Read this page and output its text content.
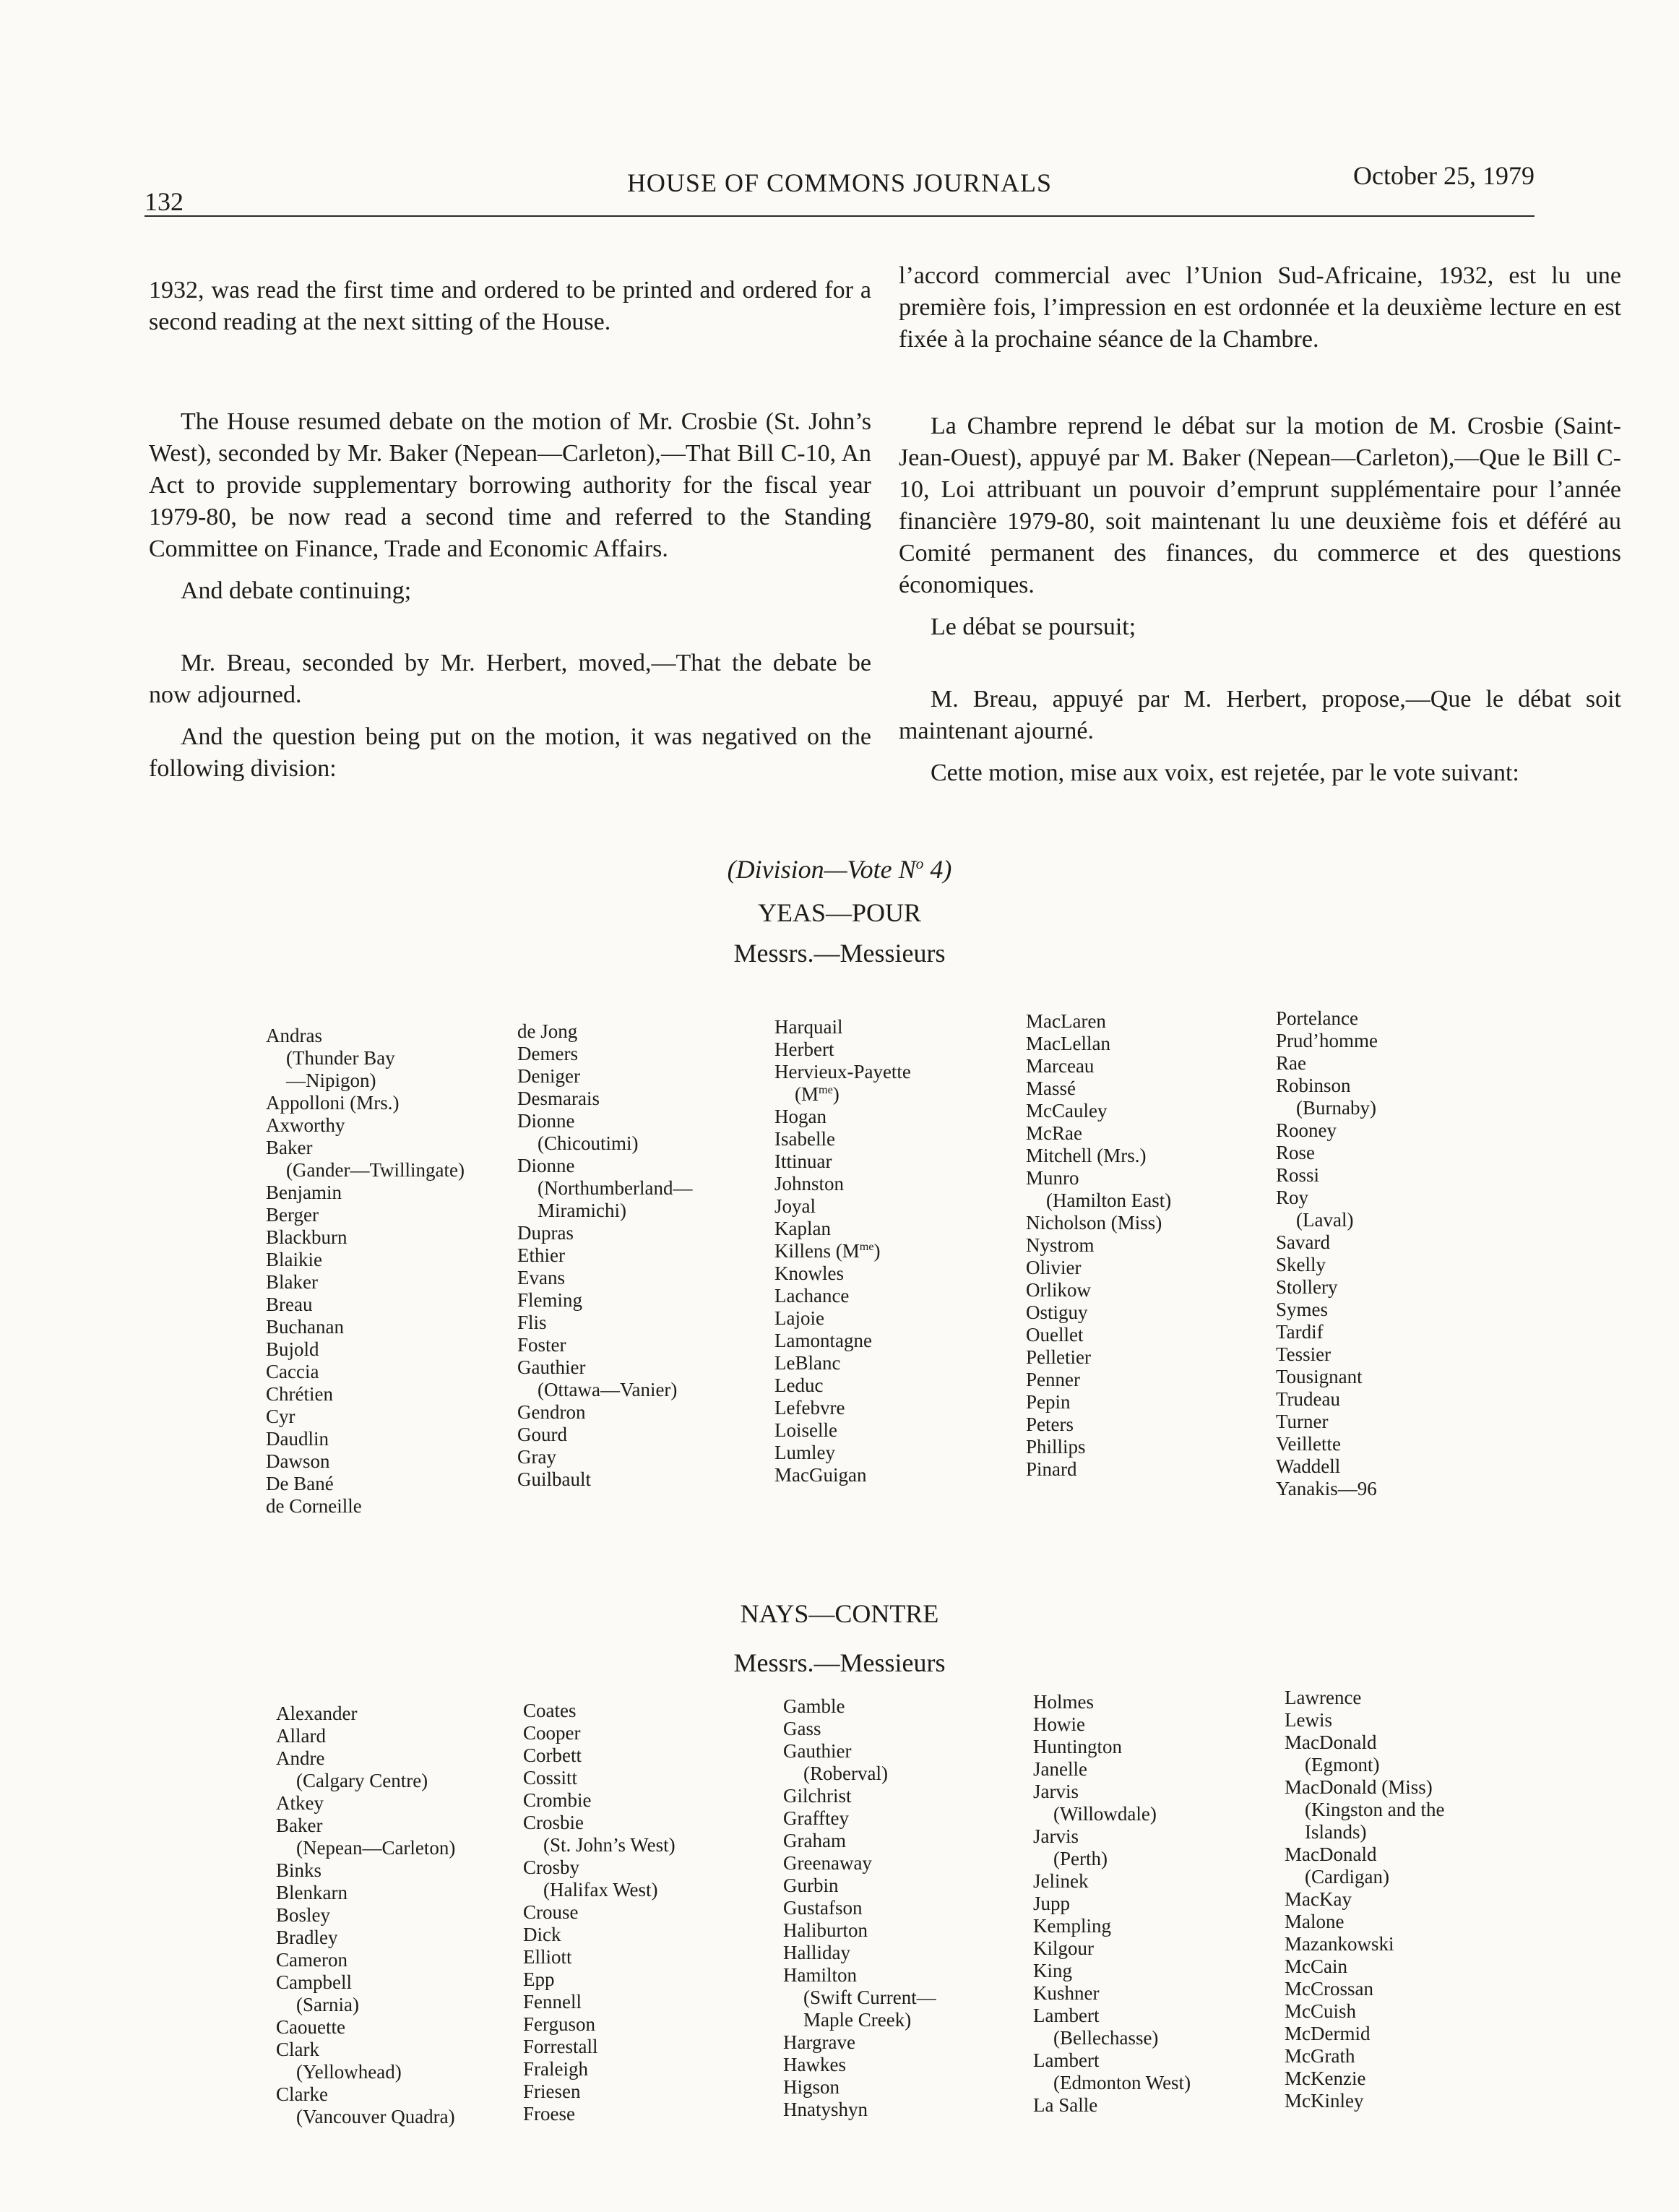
132
HOUSE OF COMMONS JOURNALS	October 25, 1979

1932, was read the first time and ordered to be printed and ordered for a second reading at the next sitting of the House.

The House resumed debate on the motion of Mr. Crosbie (St. John’s West), seconded by Mr. Baker (Nepean—Carleton),—That Bill C-10, An Act to provide supplementary borrowing authority for the fiscal year 1979-80, be now read a second time and referred to the Standing Committee on Finance, Trade and Economic Affairs.

And debate continuing;

Mr. Breau, seconded by Mr. Herbert, moved,—That the debate be now adjourned.

And the question being put on the motion, it was negatived on the following division:

l’accord commercial avec l’Union Sud-Africaine, 1932, est lu une première fois, l’impression en est ordonnée et la deuxième lecture en est fixée à la prochaine séance de la Chambre.

La Chambre reprend le débat sur la motion de M. Crosbie (Saint-Jean-Ouest), appuyé par M. Baker (Nepean—Carleton),—Que le Bill C-10, Loi attribuant un pouvoir d’emprunt supplémentaire pour l’année financière 1979-80, soit maintenant lu une deuxième fois et déféré au Comité permanent des finances, du commerce et des questions économiques.

Le débat se poursuit;

M. Breau, appuyé par M. Herbert, propose,—Que le débat soit maintenant ajourné.

Cette motion, mise aux voix, est rejetée, par le vote suivant:

(Division—Vote $N^o$ 4)
YEAS—POUR
Messrs.—Messieurs
Andras
(Thunder Bay
—Nipigon)
Appolloni (Mrs.)
Axworthy
Baker
(Gander—Twillingate)
Benjamin
Berger
Blackburn
Blaikie
Blaker
Breau
Buchanan
Bujold
Caccia
Chrétien
Cyr
Daudlin
Dawson
De Bané
de Corneille
de Jong
Demers
Deniger
Desmarais
Dionne
(Chicoutimi)
Dionne
(Northumberland—
Miramichi)
Dupras
Ethier
Evans
Fleming
Flis
Foster
Gauthier
(Ottawa—Vanier)
Gendron
Gourd
Gray
Guilbault
Harquail
Herbert
Hervieux-Payette
$(M^{me})$
Hogan
Isabelle
Ittinuar
Johnston
Joyal
Kaplan
Killens $(M^{me})$
Knowles
Lachance
Lajoie
Lamontagne
LeBlanc
Leduc
Lefebvre
Loiselle
Lumley
MacGuigan
MacLaren
MacLellan
Marceau
Massé
McCauley
McRae
Mitchell (Mrs.)
Munro
(Hamilton East)
Nicholson (Miss)
Nystrom
Olivier
Orlikow
Ostiguy
Ouellet
Pelletier
Penner
Pepin
Peters
Phillips
Pinard
Portelance
Prud’homme
Rae
Robinson
(Burnaby)
Rooney
Rose
Rossi
Roy
(Laval)
Savard
Skelly
Stollery
Symes
Tardif
Tessier
Tousignant
Trudeau
Turner
Veillette
Waddell
Yanakis—96
NAYS—CONTRE
Messrs.—Messieurs
Alexander
Allard
Andre
(Calgary Centre)
Atkey
Baker
(Nepean—Carleton)
Binks
Blenkarn
Bosley
Bradley
Cameron
Campbell
(Sarnia)
Caouette
Clark
(Yellowhead)
Clarke
(Vancouver Quadra)
Coates
Cooper
Corbett
Cossitt
Crombie
Crosbie
(St. John’s West)
Crosby
(Halifax West)
Crouse
Dick
Elliott
Epp
Fennell
Ferguson
Forrestall
Fraleigh
Friesen
Froese
Gamble
Gass
Gauthier
(Roberval)
Gilchrist
Grafftey
Graham
Greenaway
Gurbin
Gustafson
Haliburton
Halliday
Hamilton
(Swift Current—
Maple Creek)
Hargrave
Hawkes
Higson
Hnatyshyn
Holmes
Howie
Huntington
Janelle
Jarvis
(Willowdale)
Jarvis
(Perth)
Jelinek
Jupp
Kempling
Kilgour
King
Kushner
Lambert
(Bellechasse)
Lambert
(Edmonton West)
La Salle
Lawrence
Lewis
MacDonald
(Egmont)
MacDonald (Miss)
(Kingston and the
Islands)
MacDonald
(Cardigan)
MacKay
Malone
Mazankowski
McCain
McCrossan
McCuish
McDermid
McGrath
McKenzie
McKinley
